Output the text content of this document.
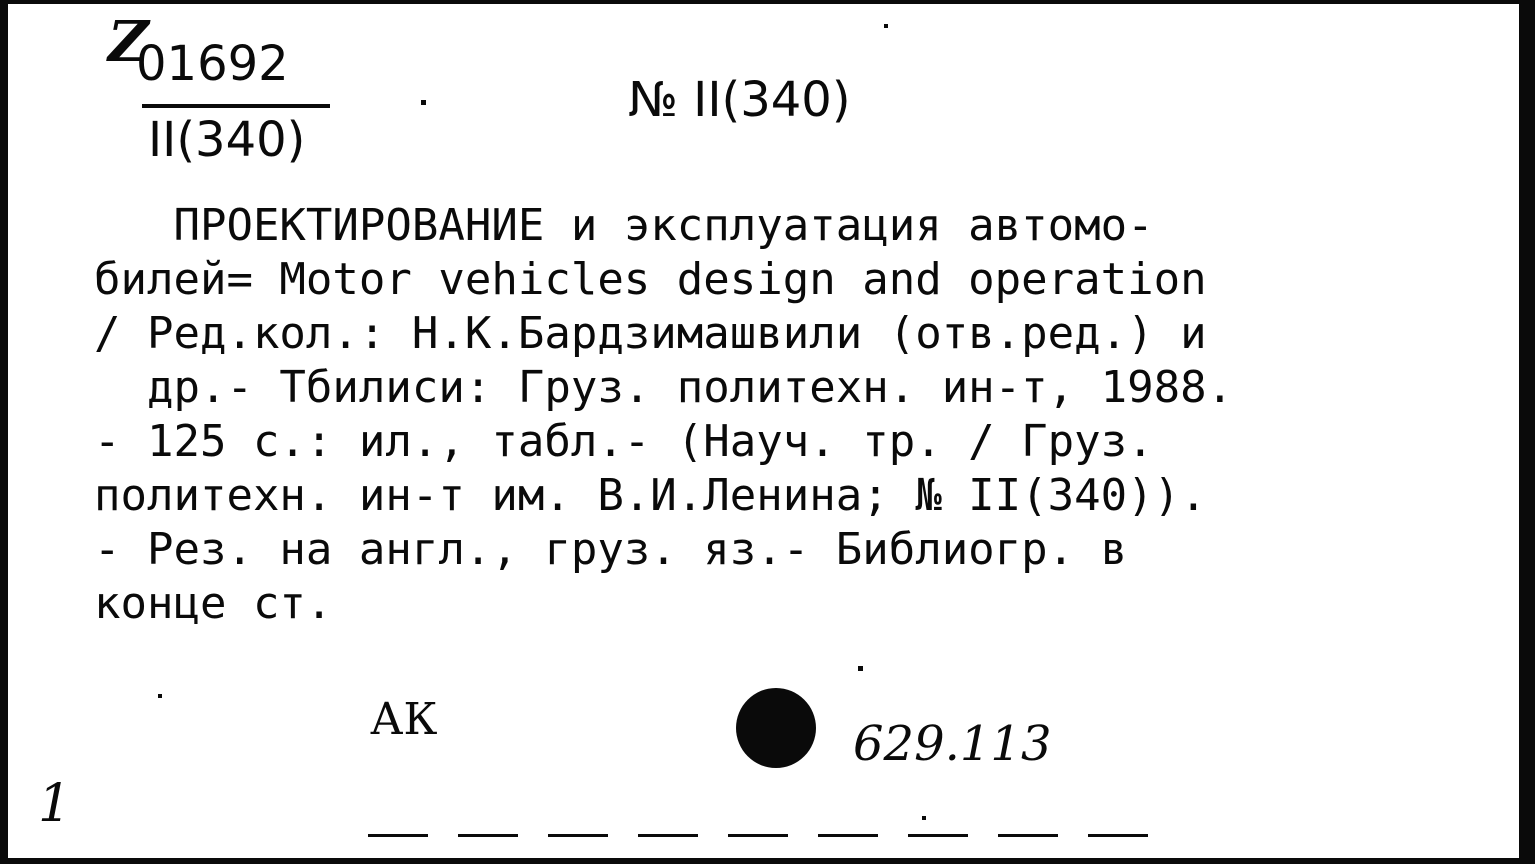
Z
01692
II(340)
№ II(340)
ПРОЕКТИРОВАНИЕ и эксплуатация автомо-
билей= Motor vehicles design and operation
/ Ред.кол.: Н.К.Бардзимашвили (отв.ред.) и
др.- Тбилиси: Груз. политехн. ин-т, 1988.
- 125 с.: ил., табл.- (Науч. тр. / Груз.
политехн. ин-т им. В.И.Ленина; № II(340)).
- Рез. на англ., груз. яз.- Библиогр. в
конце ст.
АК	629.113
1
